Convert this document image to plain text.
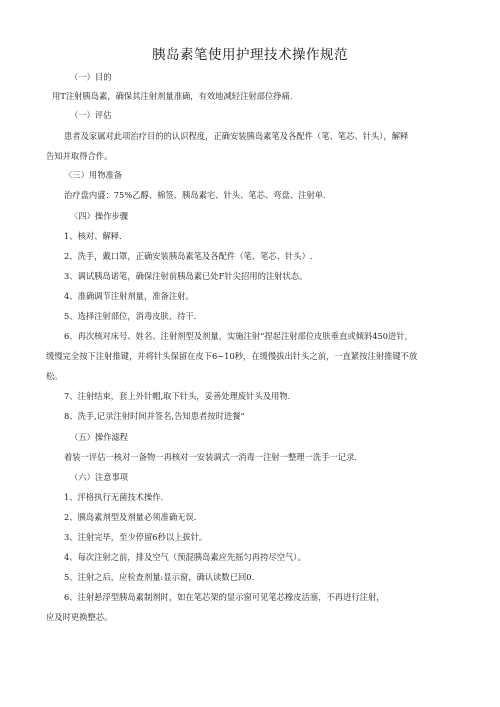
胰岛素笔使用护理技术操作规范
（一）目的
用T注射胰岛素，确保其注射剂量准确，有效地减轻注射部位挣痛.
（一）评估
患者及家属对此项治疗目的的认识程度，正确安装胰岛素笔及各配件（笔、笔芯、针头），解释
告知并取得合作。
〈三）用物准备
治疗盘内盛：75%乙醇、棉签、胰岛素宅、针头、笔芯、弯盘、注射单.
〈四）操作步骤
1、核对、解释.
2、洗手，戴口罩，正确安装胰岛素笔及各配件（笔、笔芯、针头）.
3、调试胰岛诺笔，确保注射前胰岛素已处F针尖招用的注射状态。
4、准确调节注射剂量，准备注射。
5、选择注射部位，消毒皮肤、待干.
6、再次核对床号、姓名、注射剂型及剂量，实施注射“捏起注射部位皮肤垂直或倾斜450进针，
缓慢完全按下注射推键，并将针头保留在皮下6~10秒，在缓慢拔出针头之前，一直紧按注射推键不放
松。
7、注射结束，套上外针帽,取下针头，妥善处理废针头及用物.
8、洗手,记录注射时间并签名,告知患者按时进餐“
（五）操作滤程
着装一评估一核对一备物一再核对一安装调式一消毒一注射一整理一洗手一记录.
（六）注意事项
1、泙格执行无菌技术操作.
2、胰岛素剂型及剂量必须准确无误.
3、注射完毕，至少停留6秒以上拔针。
4、每次注射之前，排及空气（预混胰岛素应先摇匀再挎尽空气）。
5、注射之后，应检查剂量:显示窗，确认读数已回0.
6、注射悬浮型胰岛素制剂时，如在笔芯架的显示窗可见笔芯橡皮活塞，不再进行注射，
应及时更换整芯。
